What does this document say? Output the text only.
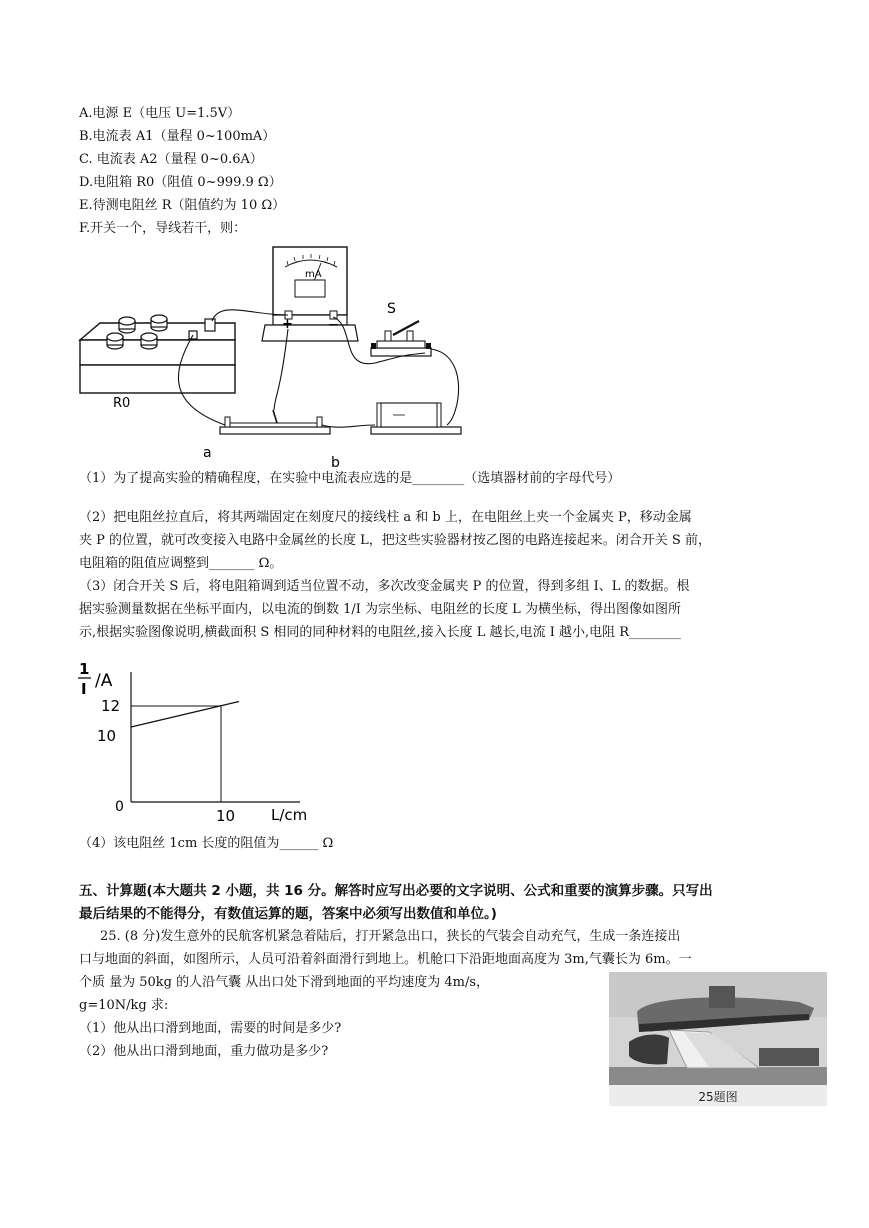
A.电源 E（电压 U=1.5V）
B.电流表 A1（量程 0~100mA）
C. 电流表 A2（量程 0~0.6A）
D.电阻箱 R0（阻值 0~999.9 Ω）
E.待测电阻丝 R（阻值约为 10 Ω）
F.开关一个，导线若干，则：
R0
mA
+	−
S
a
b
（1）为了提高实验的精确程度，在实验中电流表应选的是________（选填器材前的字母代号）
（2）把电阻丝拉直后，将其两端固定在刻度尺的接线柱 a 和 b 上，在电阻丝上夹一个金属夹 P，移动金属
夹 P 的位置，就可改变接入电路中金属丝的长度 L，把这些实验器材按乙图的电路连接起来。闭合开关 S 前，
电阻箱的阻值应调整到_______ Ω。
（3）闭合开关 S 后，将电阻箱调到适当位置不动，多次改变金属夹 P 的位置，得到多组 I、L 的数据。根
据实验测量数据在坐标平面内，以电流的倒数 1/I 为宗坐标、电阻丝的长度 L 为横坐标，得出图像如图所
示,根据实验图像说明,横截面积 S 相同的同种材料的电阻丝,接入长度 L 越长,电流 I 越小,电阻 R________
1
I /A
L/cm
0
12
10
10
（4）该电阻丝 1cm 长度的阻值为______ Ω
五、计算题(本大题共 2 小题，共 16 分。解答时应写出必要的文字说明、公式和重要的演算步骤。只写出
最后结果的不能得分，有数值运算的题，答案中必须写出数值和单位。)
25. (8 分)发生意外的民航客机紧急着陆后，打开紧急出口，狭长的气装会自动充气，生成一条连接出
口与地面的斜面，如图所示，人员可沿着斜面滑行到地上。机舱口下沿距地面高度为 3m,气囊长为 6m。一
个质 量为 50kg 的人沿气囊 从出口处下滑到地面的平均速度为 4m/s，
g=10N/kg 求:
（1）他从出口滑到地面，需要的时间是多少?
（2）他从出口滑到地面，重力做功是多少?
25题图
